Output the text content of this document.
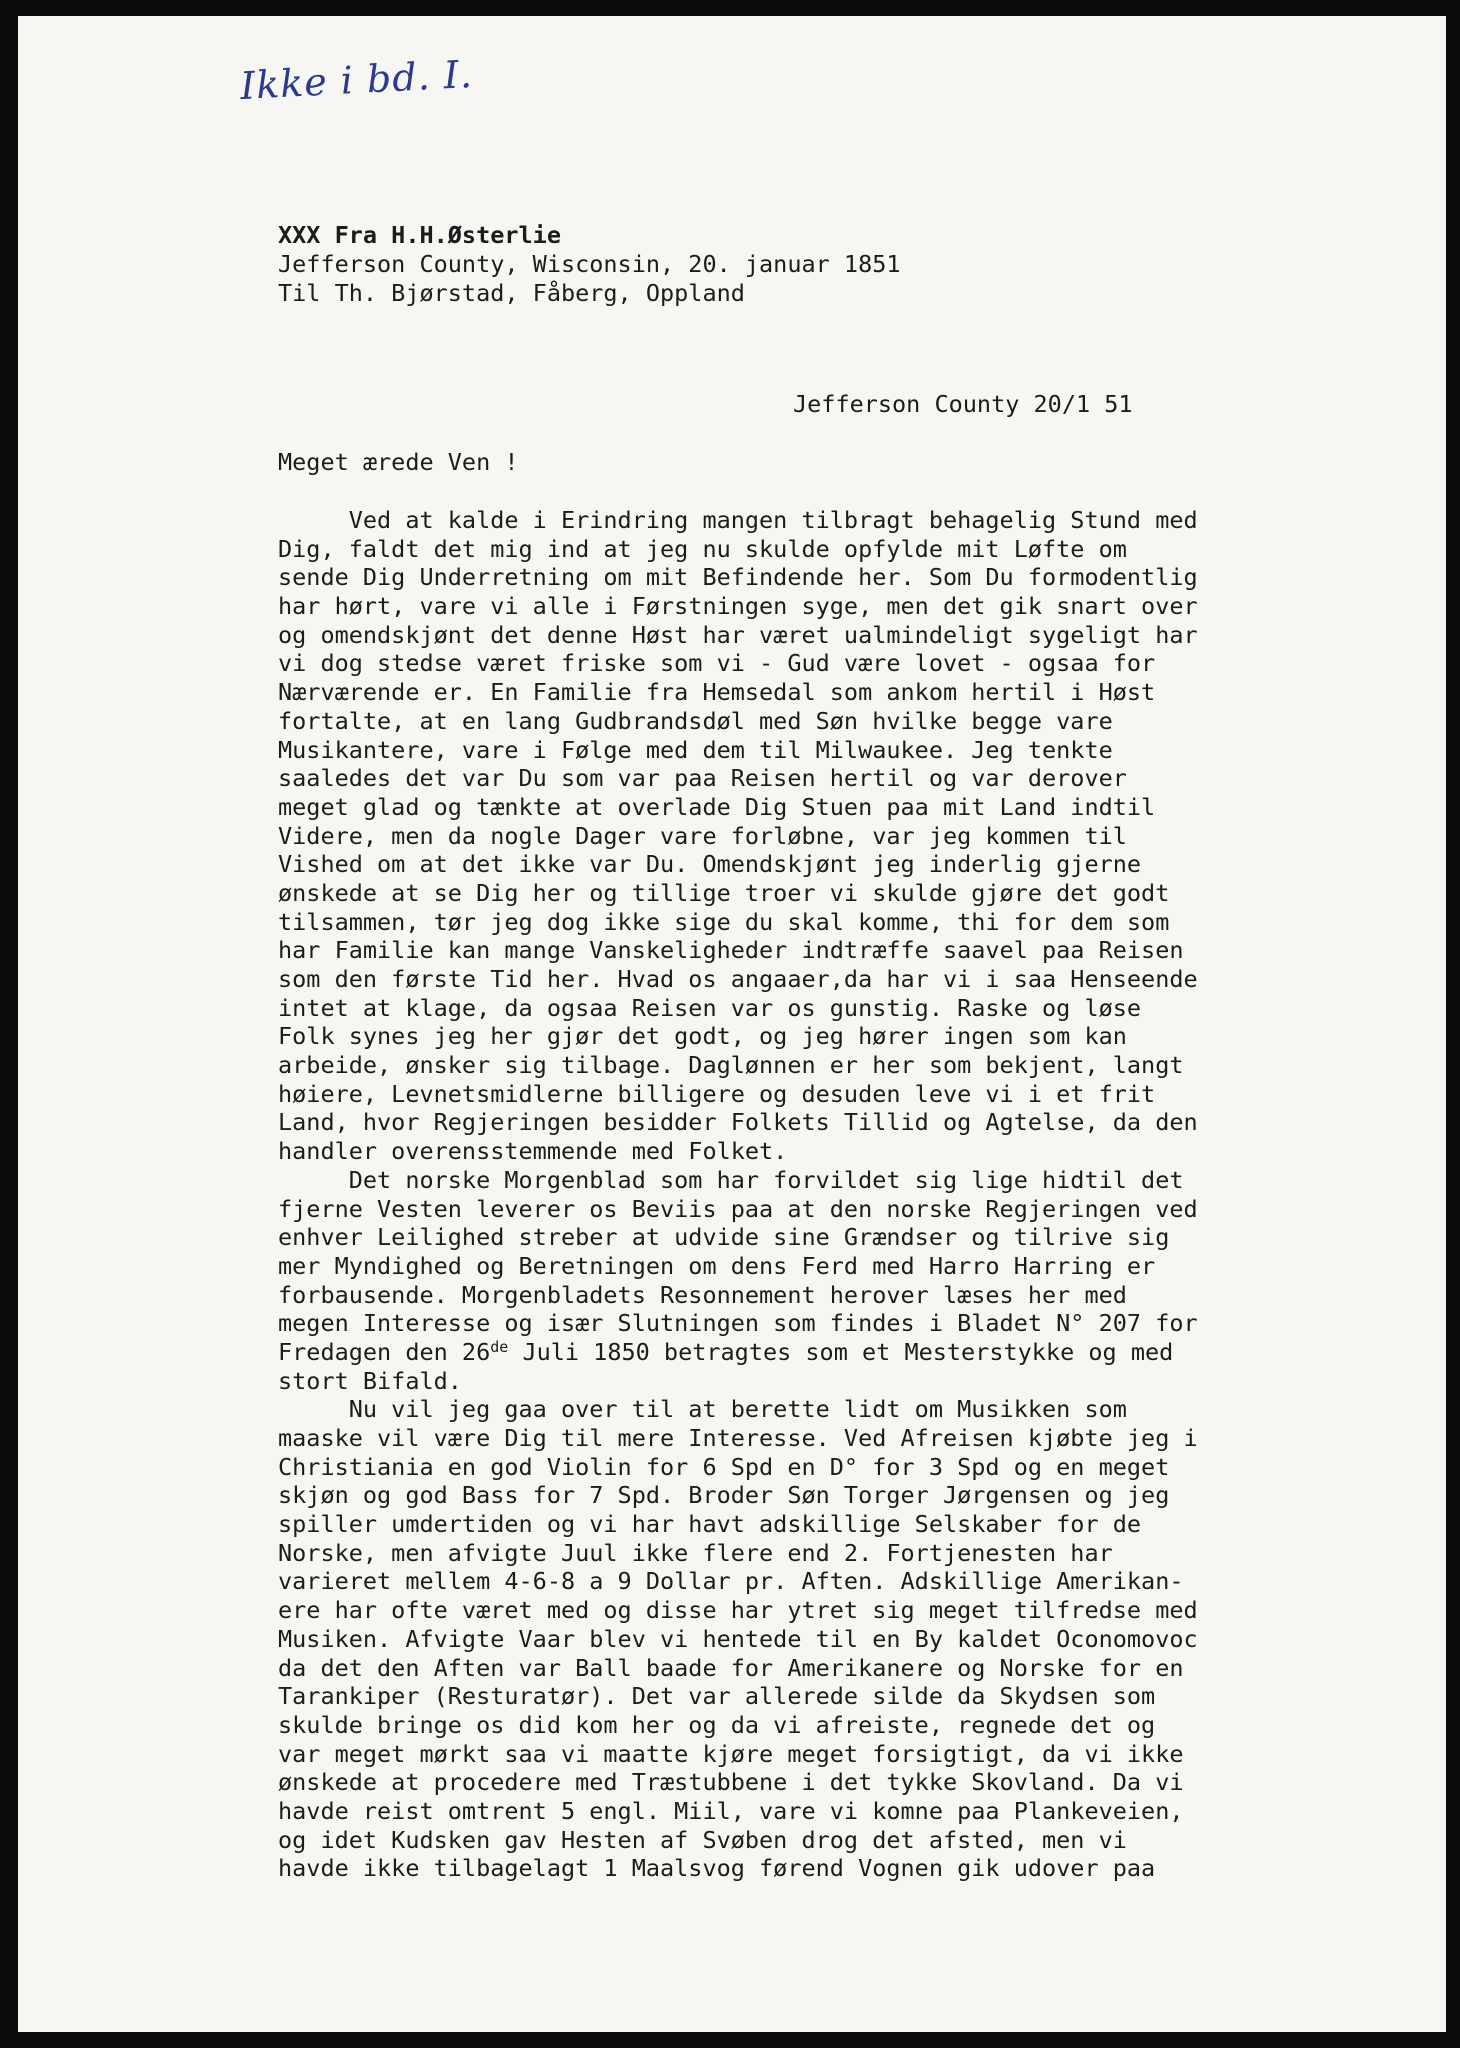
Ikke i bd. I.

XXX Fra H.H.Østerlie

Jefferson County, Wisconsin, 20. januar 1851

Til Th. Bjørstad, Fåberg, Oppland

Jefferson County 20/1 51

Meget ærede Ven !

Ved at kalde i Erindring mangen tilbragt behagelig Stund med

Dig, faldt det mig ind at jeg nu skulde opfylde mit Løfte om

sende Dig Underretning om mit Befindende her. Som Du formodentlig

har hørt, vare vi alle i Førstningen syge, men det gik snart over

og omendskjønt det denne Høst har været ualmindeligt sygeligt har

vi dog stedse været friske som vi - Gud være lovet - ogsaa for

Nærværende er. En Familie fra Hemsedal som ankom hertil i Høst

fortalte, at en lang Gudbrandsdøl med Søn hvilke begge vare

Musikantere, vare i Følge med dem til Milwaukee. Jeg tenkte

saaledes det var Du som var paa Reisen hertil og var derover

meget glad og tænkte at overlade Dig Stuen paa mit Land indtil

Videre, men da nogle Dager vare forløbne, var jeg kommen til

Vished om at det ikke var Du. Omendskjønt jeg inderlig gjerne

ønskede at se Dig her og tillige troer vi skulde gjøre det godt

tilsammen, tør jeg dog ikke sige du skal komme, thi for dem som

har Familie kan mange Vanskeligheder indtræffe saavel paa Reisen

som den første Tid her. Hvad os angaaer,da har vi i saa Henseende

intet at klage, da ogsaa Reisen var os gunstig. Raske og løse

Folk synes jeg her gjør det godt, og jeg hører ingen som kan

arbeide, ønsker sig tilbage. Daglønnen er her som bekjent, langt

høiere, Levnetsmidlerne billigere og desuden leve vi i et frit

Land, hvor Regjeringen besidder Folkets Tillid og Agtelse, da den

handler overensstemmende med Folket.

Det norske Morgenblad som har forvildet sig lige hidtil det

fjerne Vesten leverer os Beviis paa at den norske Regjeringen ved

enhver Leilighed streber at udvide sine Grændser og tilrive sig

mer Myndighed og Beretningen om dens Ferd med Harro Harring er

forbausende. Morgenbladets Resonnement herover læses her med

megen Interesse og især Slutningen som findes i Bladet N° 207 for

Fredagen den 26de Juli 1850 betragtes som et Mesterstykke og med

stort Bifald.

Nu vil jeg gaa over til at berette lidt om Musikken som

maaske vil være Dig til mere Interesse. Ved Afreisen kjøbte jeg i

Christiania en god Violin for 6 Spd en D° for 3 Spd og en meget

skjøn og god Bass for 7 Spd. Broder Søn Torger Jørgensen og jeg

spiller umdertiden og vi har havt adskillige Selskaber for de

Norske, men afvigte Juul ikke flere end 2. Fortjenesten har

varieret mellem 4-6-8 a 9 Dollar pr. Aften. Adskillige Amerikan-

ere har ofte været med og disse har ytret sig meget tilfredse med

Musiken. Afvigte Vaar blev vi hentede til en By kaldet Oconomovoc

da det den Aften var Ball baade for Amerikanere og Norske for en

Tarankiper (Resturatør). Det var allerede silde da Skydsen som

skulde bringe os did kom her og da vi afreiste, regnede det og

var meget mørkt saa vi maatte kjøre meget forsigtigt, da vi ikke

ønskede at procedere med Træstubbene i det tykke Skovland. Da vi

havde reist omtrent 5 engl. Miil, vare vi komne paa Plankeveien,

og idet Kudsken gav Hesten af Svøben drog det afsted, men vi

havde ikke tilbagelagt 1 Maalsvog førend Vognen gik udover paa
